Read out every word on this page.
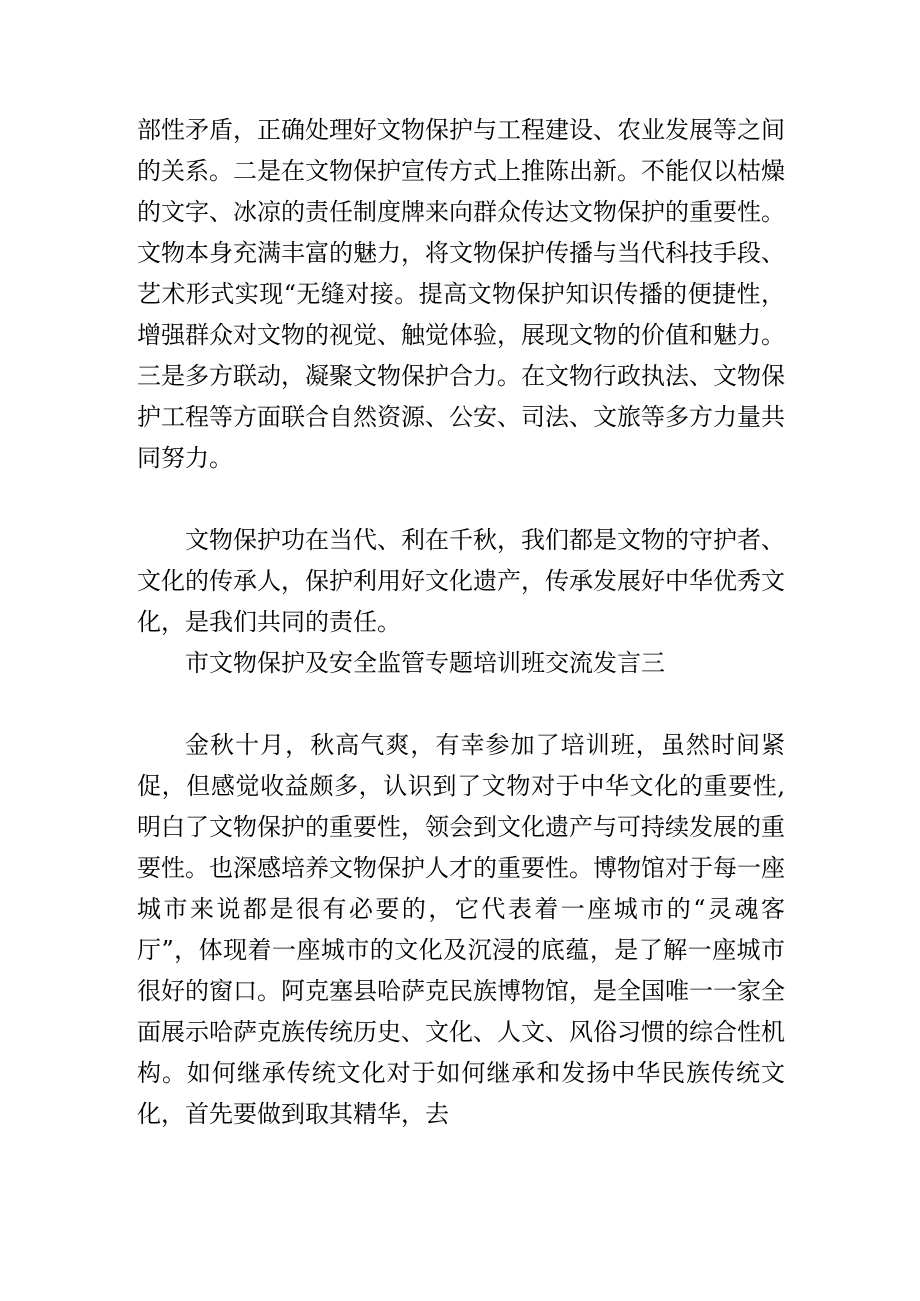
部性矛盾，正确处理好文物保护与工程建设、农业发展等之间的关系。二是在文物保护宣传方式上推陈出新。不能仅以枯燥的文字、冰凉的责任制度牌来向群众传达文物保护的重要性。文物本身充满丰富的魅力，将文物保护传播与当代科技手段、艺术形式实现“无缝对接。提高文物保护知识传播的便捷性，增强群众对文物的视觉、触觉体验，展现文物的价值和魅力。三是多方联动，凝聚文物保护合力。在文物行政执法、文物保护工程等方面联合自然资源、公安、司法、文旅等多方力量共同努力。

文物保护功在当代、利在千秋，我们都是文物的守护者、文化的传承人，保护利用好文化遗产，传承发展好中华优秀文化，是我们共同的责任。

市文物保护及安全监管专题培训班交流发言三

金秋十月，秋高气爽，有幸参加了培训班，虽然时间紧促，但感觉收益颇多，认识到了文物对于中华文化的重要性,明白了文物保护的重要性，领会到文化遗产与可持续发展的重要性。也深感培养文物保护人才的重要性。博物馆对于每一座城市来说都是很有必要的，它代表着一座城市的“灵魂客厅”，体现着一座城市的文化及沉浸的底蕴，是了解一座城市很好的窗口。阿克塞县哈萨克民族博物馆，是全国唯一一家全面展示哈萨克族传统历史、文化、人文、风俗习惯的综合性机构。如何继承传统文化对于如何继承和发扬中华民族传统文化，首先要做到取其精华，去
